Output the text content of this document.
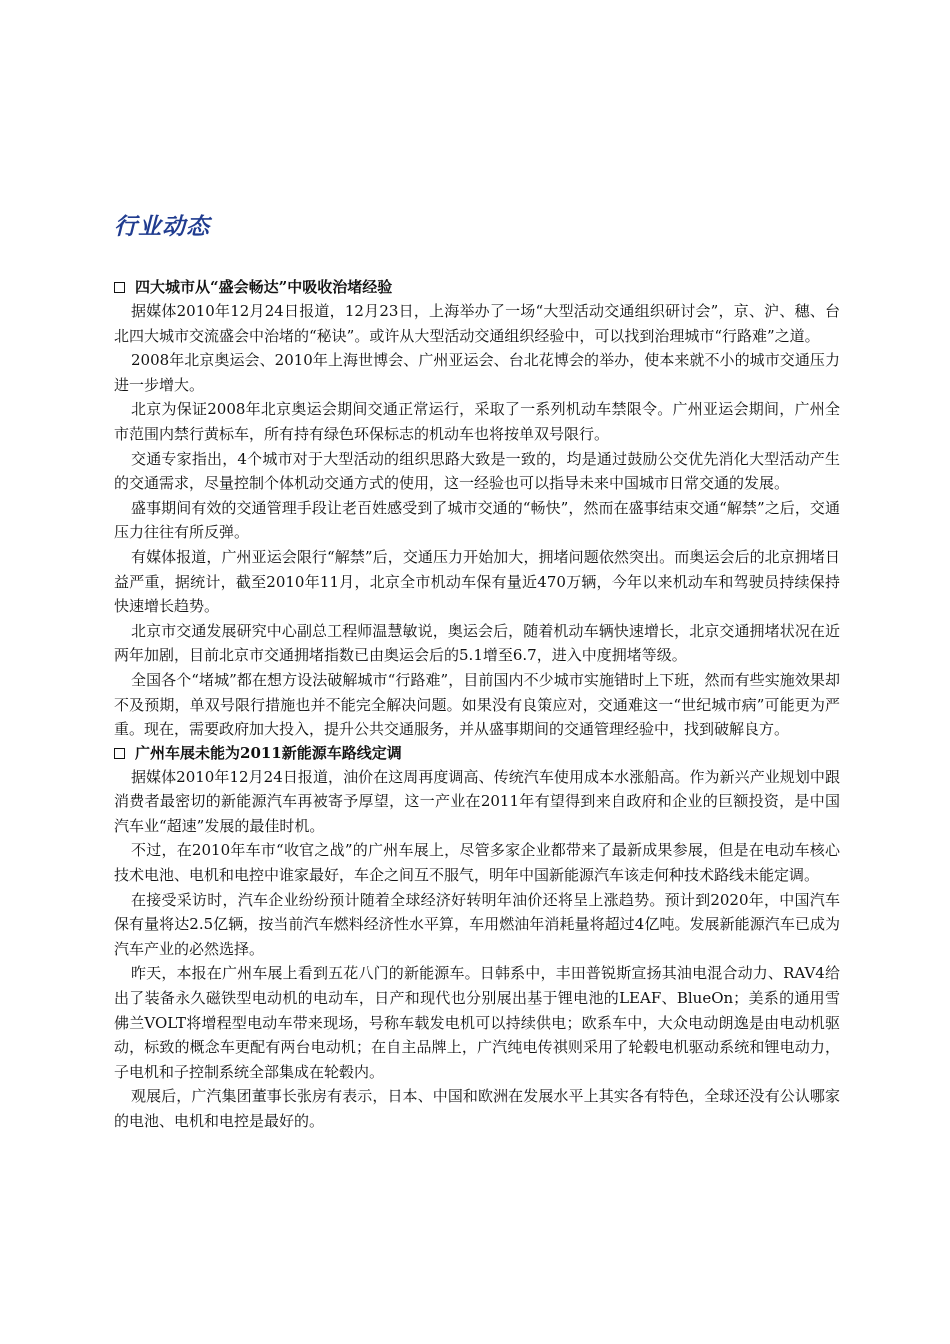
行业动态
四大城市从“盛会畅达”中吸收治堵经验

据媒体2010年12月24日报道，12月23日，上海举办了一场“大型活动交通组织研讨会”，京、沪、穗、台北四大城市交流盛会中治堵的“秘诀”。或许从大型活动交通组织经验中，可以找到治理城市“行路难”之道。

2008年北京奥运会、2010年上海世博会、广州亚运会、台北花博会的举办，使本来就不小的城市交通压力进一步增大。

北京为保证2008年北京奥运会期间交通正常运行，采取了一系列机动车禁限令。广州亚运会期间，广州全市范围内禁行黄标车，所有持有绿色环保标志的机动车也将按单双号限行。

交通专家指出，4个城市对于大型活动的组织思路大致是一致的，均是通过鼓励公交优先消化大型活动产生的交通需求，尽量控制个体机动交通方式的使用，这一经验也可以指导未来中国城市日常交通的发展。

盛事期间有效的交通管理手段让老百姓感受到了城市交通的“畅快”，然而在盛事结束交通“解禁”之后，交通压力往往有所反弹。

有媒体报道，广州亚运会限行“解禁”后，交通压力开始加大，拥堵问题依然突出。而奥运会后的北京拥堵日益严重，据统计，截至2010年11月，北京全市机动车保有量近470万辆，今年以来机动车和驾驶员持续保持快速增长趋势。

北京市交通发展研究中心副总工程师温慧敏说，奥运会后，随着机动车辆快速增长，北京交通拥堵状况在近两年加剧，目前北京市交通拥堵指数已由奥运会后的5.1增至6.7，进入中度拥堵等级。

全国各个“堵城”都在想方设法破解城市“行路难”，目前国内不少城市实施错时上下班，然而有些实施效果却不及预期，单双号限行措施也并不能完全解决问题。如果没有良策应对，交通难这一“世纪城市病”可能更为严重。现在，需要政府加大投入，提升公共交通服务，并从盛事期间的交通管理经验中，找到破解良方。

广州车展未能为2011新能源车路线定调

据媒体2010年12月24日报道，油价在这周再度调高、传统汽车使用成本水涨船高。作为新兴产业规划中跟消费者最密切的新能源汽车再被寄予厚望，这一产业在2011年有望得到来自政府和企业的巨额投资，是中国汽车业“超速”发展的最佳时机。

不过，在2010年车市“收官之战”的广州车展上，尽管多家企业都带来了最新成果参展，但是在电动车核心技术电池、电机和电控中谁家最好，车企之间互不服气，明年中国新能源汽车该走何种技术路线未能定调。

在接受采访时，汽车企业纷纷预计随着全球经济好转明年油价还将呈上涨趋势。预计到2020年，中国汽车保有量将达2.5亿辆，按当前汽车燃料经济性水平算，车用燃油年消耗量将超过4亿吨。发展新能源汽车已成为汽车产业的必然选择。

昨天，本报在广州车展上看到五花八门的新能源车。日韩系中，丰田普锐斯宣扬其油电混合动力、RAV4给出了装备永久磁铁型电动机的电动车，日产和现代也分别展出基于锂电池的LEAF、BlueOn；美系的通用雪佛兰VOLT将增程型电动车带来现场，号称车载发电机可以持续供电；欧系车中，大众电动朗逸是由电动机驱动，标致的概念车更配有两台电动机；在自主品牌上，广汽纯电传祺则采用了轮毂电机驱动系统和锂电动力，子电机和子控制系统全部集成在轮毂内。

观展后，广汽集团董事长张房有表示，日本、中国和欧洲在发展水平上其实各有特色，全球还没有公认哪家的电池、电机和电控是最好的。
